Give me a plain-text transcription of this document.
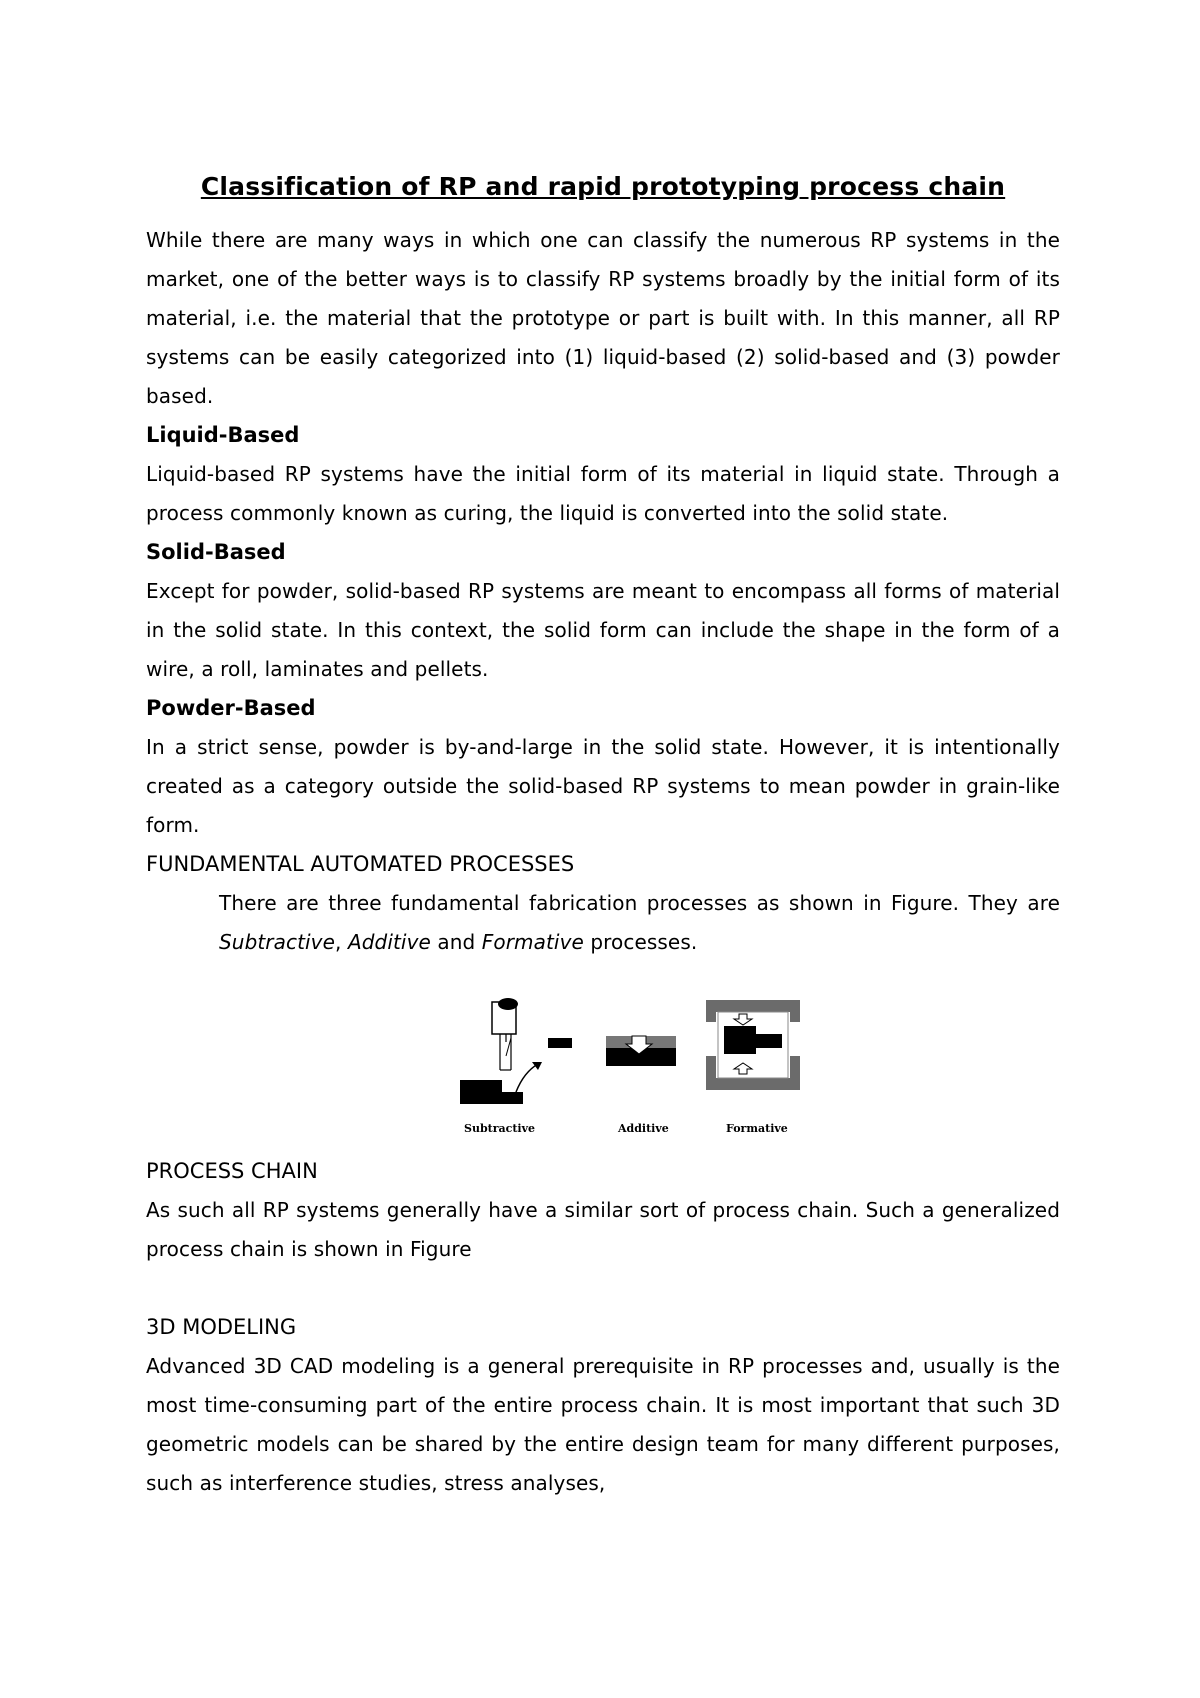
Classification of RP and rapid prototyping process chain

While there are many ways in which one can classify the numerous RP systems in the market, one of the better ways is to classify RP systems broadly by the initial form of its material, i.e. the material that the prototype or part is built with. In this manner, all RP systems can be easily categorized into (1) liquid-based (2) solid-based and (3) powder based.

Liquid-Based

Liquid-based RP systems have the initial form of its material in liquid state. Through a process commonly known as curing, the liquid is converted into the solid state.

Solid-Based

Except for powder, solid-based RP systems are meant to encompass all forms of material in the solid state. In this context, the solid form can include the shape in the form of a wire, a roll, laminates and pellets.

Powder-Based

In a strict sense, powder is by-and-large in the solid state. However, it is intentionally created as a category outside the solid-based RP systems to mean powder in grain-like form.

FUNDAMENTAL AUTOMATED PROCESSES

There are three fundamental fabrication processes as shown in Figure. They are Subtractive, Additive and Formative processes.

Subtractive	Additive	Formative
PROCESS CHAIN

As such all RP systems generally have a similar sort of process chain. Such a generalized process chain is shown in Figure

3D MODELING

Advanced 3D CAD modeling is a general prerequisite in RP processes and, usually is the most time-consuming part of the entire process chain. It is most important that such 3D geometric models can be shared by the entire design team for many different purposes, such as interference studies, stress analyses,
